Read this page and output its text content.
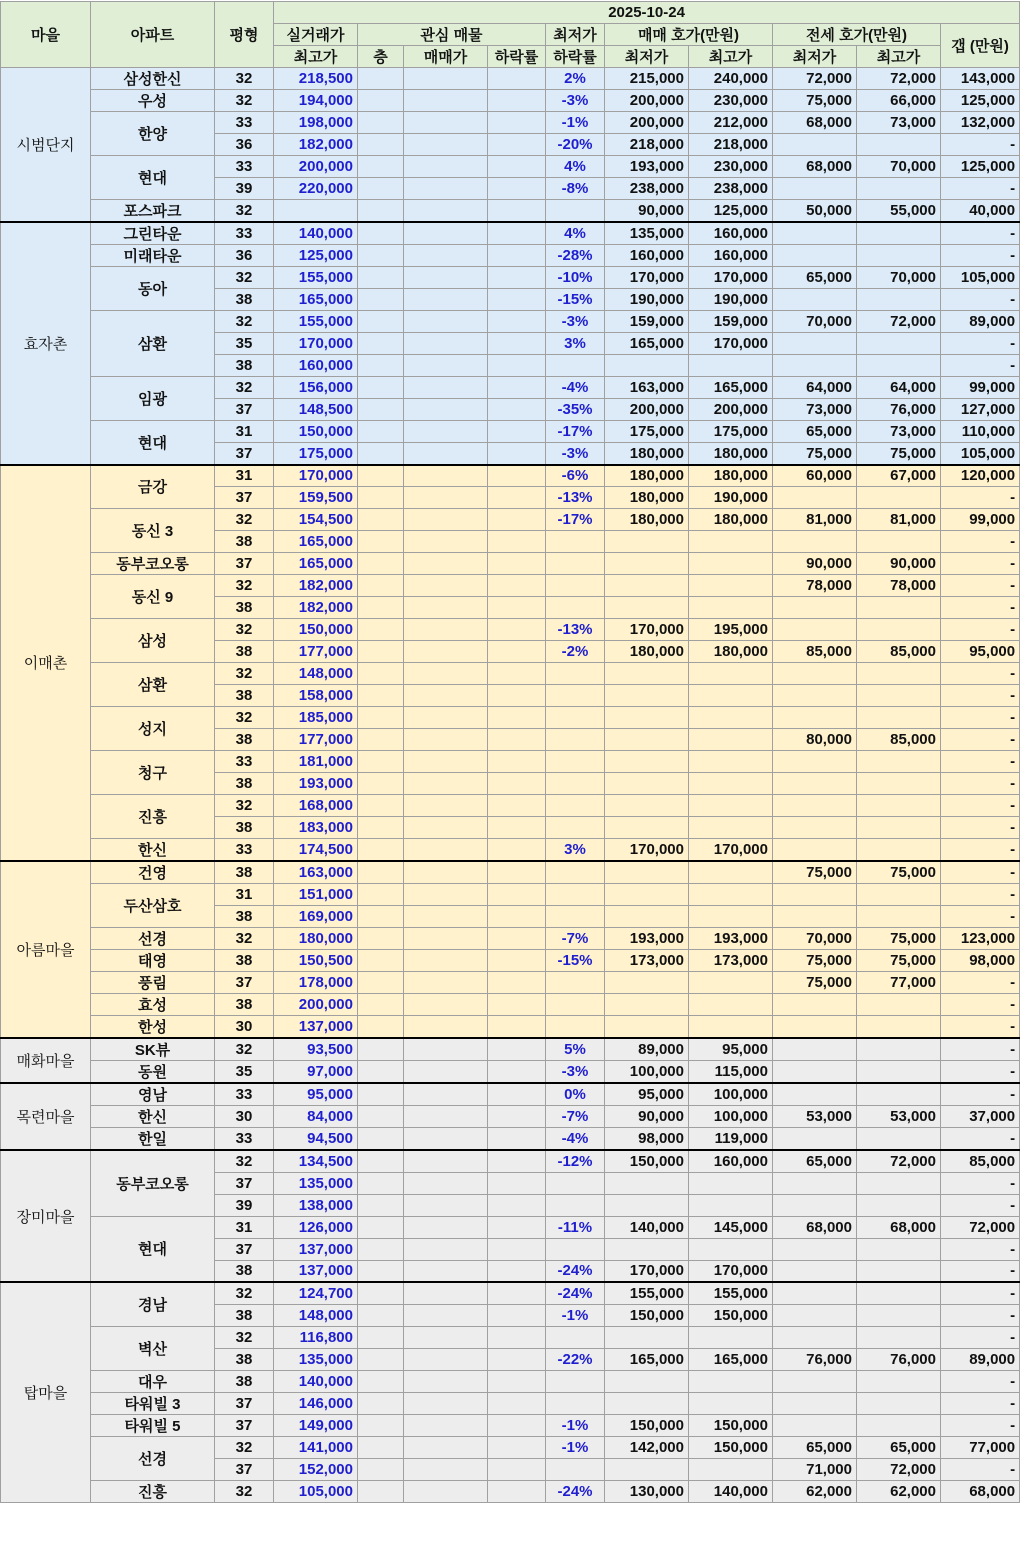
마을	아파트	평형	2025-10-24									
			실거래가	관심 매물			최저가	매매 호가(만원)		전세 호가(만원)		갭 (만원)
			최고가	층	매매가	하락률	하락률	최저가	최고가	최저가	최고가	
시범단지	삼성한신	32	218,500				2%	215,000	240,000	72,000	72,000	143,000
	우성	32	194,000				-3%	200,000	230,000	75,000	66,000	125,000
	한양	33	198,000				-1%	200,000	212,000	68,000	73,000	132,000
		36	182,000				-20%	218,000	218,000			-
	현대	33	200,000				4%	193,000	230,000	68,000	70,000	125,000
		39	220,000				-8%	238,000	238,000			-
	포스파크	32						90,000	125,000	50,000	55,000	40,000
효자촌	그린타운	33	140,000				4%	135,000	160,000			-
	미래타운	36	125,000				-28%	160,000	160,000			-
	동아	32	155,000				-10%	170,000	170,000	65,000	70,000	105,000
		38	165,000				-15%	190,000	190,000			-
	삼환	32	155,000				-3%	159,000	159,000	70,000	72,000	89,000
		35	170,000				3%	165,000	170,000			-
		38	160,000									-
	임광	32	156,000				-4%	163,000	165,000	64,000	64,000	99,000
		37	148,500				-35%	200,000	200,000	73,000	76,000	127,000
	현대	31	150,000				-17%	175,000	175,000	65,000	73,000	110,000
		37	175,000				-3%	180,000	180,000	75,000	75,000	105,000
이매촌	금강	31	170,000				-6%	180,000	180,000	60,000	67,000	120,000
		37	159,500				-13%	180,000	190,000			-
	동신 3	32	154,500				-17%	180,000	180,000	81,000	81,000	99,000
		38	165,000									-
	동부코오롱	37	165,000							90,000	90,000	-
	동신 9	32	182,000							78,000	78,000	-
		38	182,000									-
	삼성	32	150,000				-13%	170,000	195,000			-
		38	177,000				-2%	180,000	180,000	85,000	85,000	95,000
	삼환	32	148,000									-
		38	158,000									-
	성지	32	185,000									-
		38	177,000							80,000	85,000	-
	청구	33	181,000									-
		38	193,000									-
	진흥	32	168,000									-
		38	183,000									-
	한신	33	174,500				3%	170,000	170,000			-
아름마을	건영	38	163,000							75,000	75,000	-
	두산삼호	31	151,000									-
		38	169,000									-
	선경	32	180,000				-7%	193,000	193,000	70,000	75,000	123,000
	태영	38	150,500				-15%	173,000	173,000	75,000	75,000	98,000
	풍림	37	178,000							75,000	77,000	-
	효성	38	200,000									-
	한성	30	137,000									-
매화마을	SK뷰	32	93,500				5%	89,000	95,000			-
	동원	35	97,000				-3%	100,000	115,000			-
목련마을	영남	33	95,000				0%	95,000	100,000			-
	한신	30	84,000				-7%	90,000	100,000	53,000	53,000	37,000
	한일	33	94,500				-4%	98,000	119,000			-
장미마을	동부코오롱	32	134,500				-12%	150,000	160,000	65,000	72,000	85,000
		37	135,000									-
		39	138,000									-
	현대	31	126,000				-11%	140,000	145,000	68,000	68,000	72,000
		37	137,000									-
		38	137,000				-24%	170,000	170,000			-
탑마을	경남	32	124,700				-24%	155,000	155,000			-
		38	148,000				-1%	150,000	150,000			-
	벽산	32	116,800									-
		38	135,000				-22%	165,000	165,000	76,000	76,000	89,000
	대우	38	140,000									-
	타워빌 3	37	146,000									-
	타워빌 5	37	149,000				-1%	150,000	150,000			-
	선경	32	141,000				-1%	142,000	150,000	65,000	65,000	77,000
		37	152,000							71,000	72,000	-
	진흥	32	105,000				-24%	130,000	140,000	62,000	62,000	68,000
